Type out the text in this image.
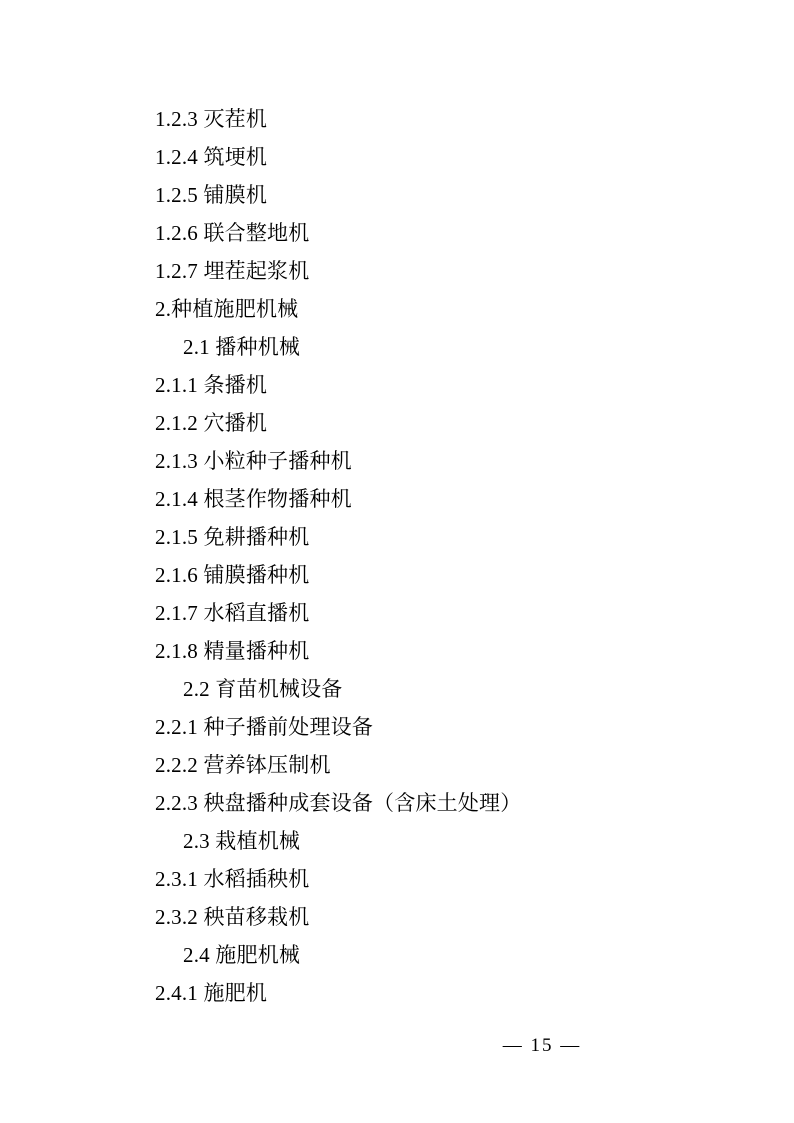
1.2.3 灭茬机
1.2.4 筑埂机
1.2.5 铺膜机
1.2.6 联合整地机
1.2.7 埋茬起浆机
2.种植施肥机械
2.1 播种机械
2.1.1 条播机
2.1.2 穴播机
2.1.3 小粒种子播种机
2.1.4 根茎作物播种机
2.1.5 免耕播种机
2.1.6 铺膜播种机
2.1.7 水稻直播机
2.1.8 精量播种机
2.2 育苗机械设备
2.2.1 种子播前处理设备
2.2.2 营养钵压制机
2.2.3 秧盘播种成套设备（含床土处理）
2.3 栽植机械
2.3.1 水稻插秧机
2.3.2 秧苗移栽机
2.4 施肥机械
2.4.1 施肥机
— 15 —
